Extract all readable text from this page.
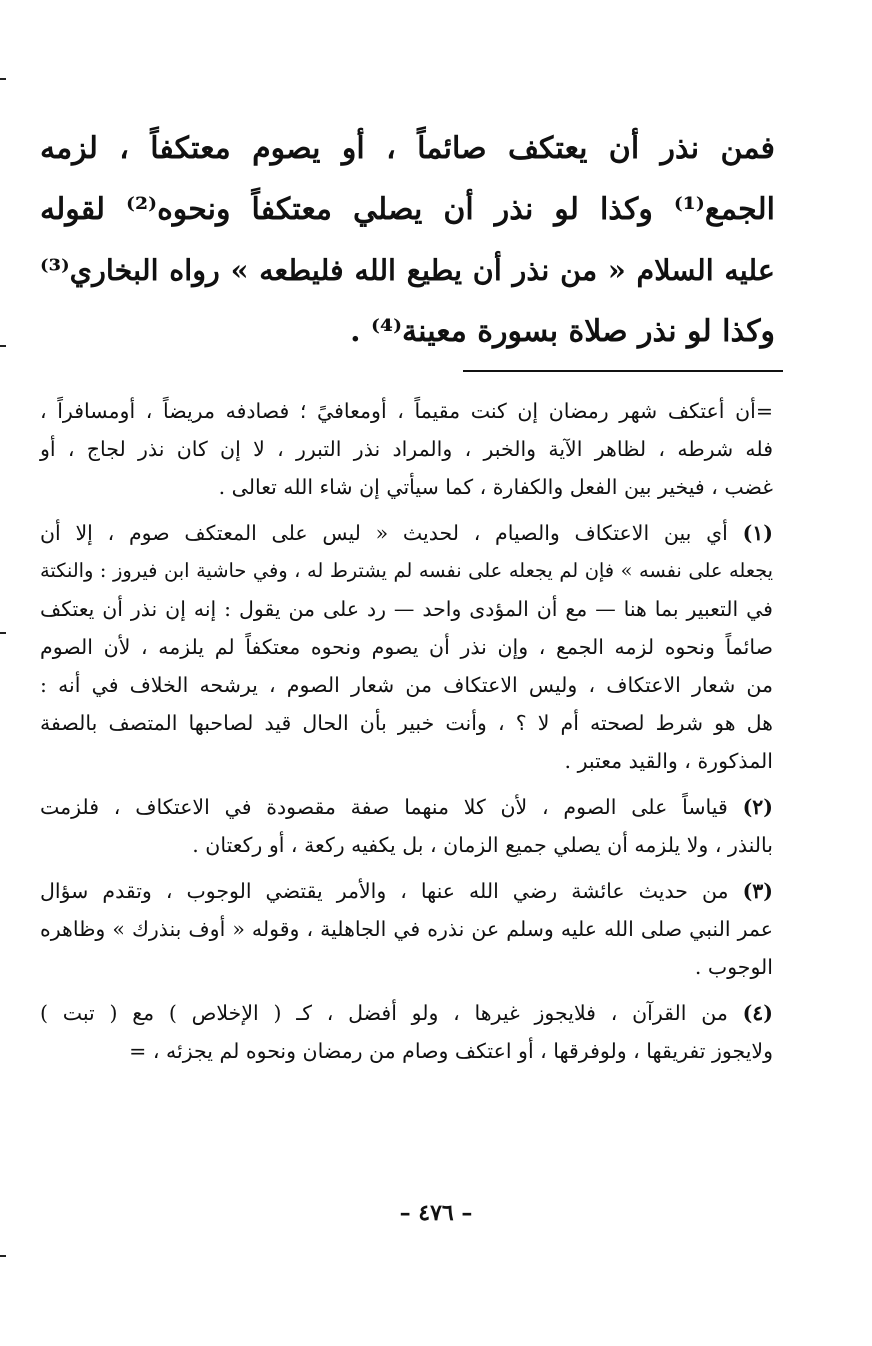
فمن نذر أن يعتكف صائماً ، أو يصوم معتكفاً ، لزمه
الجمع⁽¹⁾ وكذا لو نذر أن يصلي معتكفاً ونحوه⁽²⁾ لقوله
عليه السلام « من نذر أن يطيع الله فليطعه » رواه البخاري⁽³⁾
وكذا لو نذر صلاة بسورة معينة⁽⁴⁾ .
=أن أعتكف شهر رمضان إن كنت مقيماً ، أومعافيً ؛ فصادفه مريضاً ، أومسافراً ،
فله شرطه ، لظاهر الآية والخبر ، والمراد نذر التبرر ، لا إن كان نذر لجاج ، أو
غضب ، فيخير بين الفعل والكفارة ، كما سيأتي إن شاء الله تعالى .
(١) أي بين الاعتكاف والصيام ، لحديث « ليس على المعتكف صوم ، إلا أن
يجعله على نفسه » فإن لم يجعله على نفسه لم يشترط له ، وفي حاشية ابن فيروز : والنكتة
في التعبير بما هنا — مع أن المؤدى واحد — رد على من يقول : إنه إن نذر أن يعتكف
صائماً ونحوه لزمه الجمع ، وإن نذر أن يصوم ونحوه معتكفاً لم يلزمه ، لأن الصوم
من شعار الاعتكاف ، وليس الاعتكاف من شعار الصوم ، يرشحه الخلاف في أنه :
هل هو شرط لصحته أم لا ؟ ، وأنت خبير بأن الحال قيد لصاحبها المتصف بالصفة
المذكورة ، والقيد معتبر .
(٢) قياساً على الصوم ، لأن كلا منهما صفة مقصودة في الاعتكاف ، فلزمت
بالنذر ، ولا يلزمه أن يصلي جميع الزمان ، بل يكفيه ركعة ، أو ركعتان .
(٣) من حديث عائشة رضي الله عنها ، والأمر يقتضي الوجوب ، وتقدم سؤال
عمر النبي صلى الله عليه وسلم عن نذره في الجاهلية ، وقوله « أوف بنذرك » وظاهره
الوجوب .
(٤) من القرآن ، فلايجوز غيرها ، ولو أفضل ، كـ ( الإخلاص ) مع ( تبت )
ولايجوز تفريقها ، ولوفرقها ، أو اعتكف وصام من رمضان ونحوه لم يجزئه ، =
– ٤٧٦ –
